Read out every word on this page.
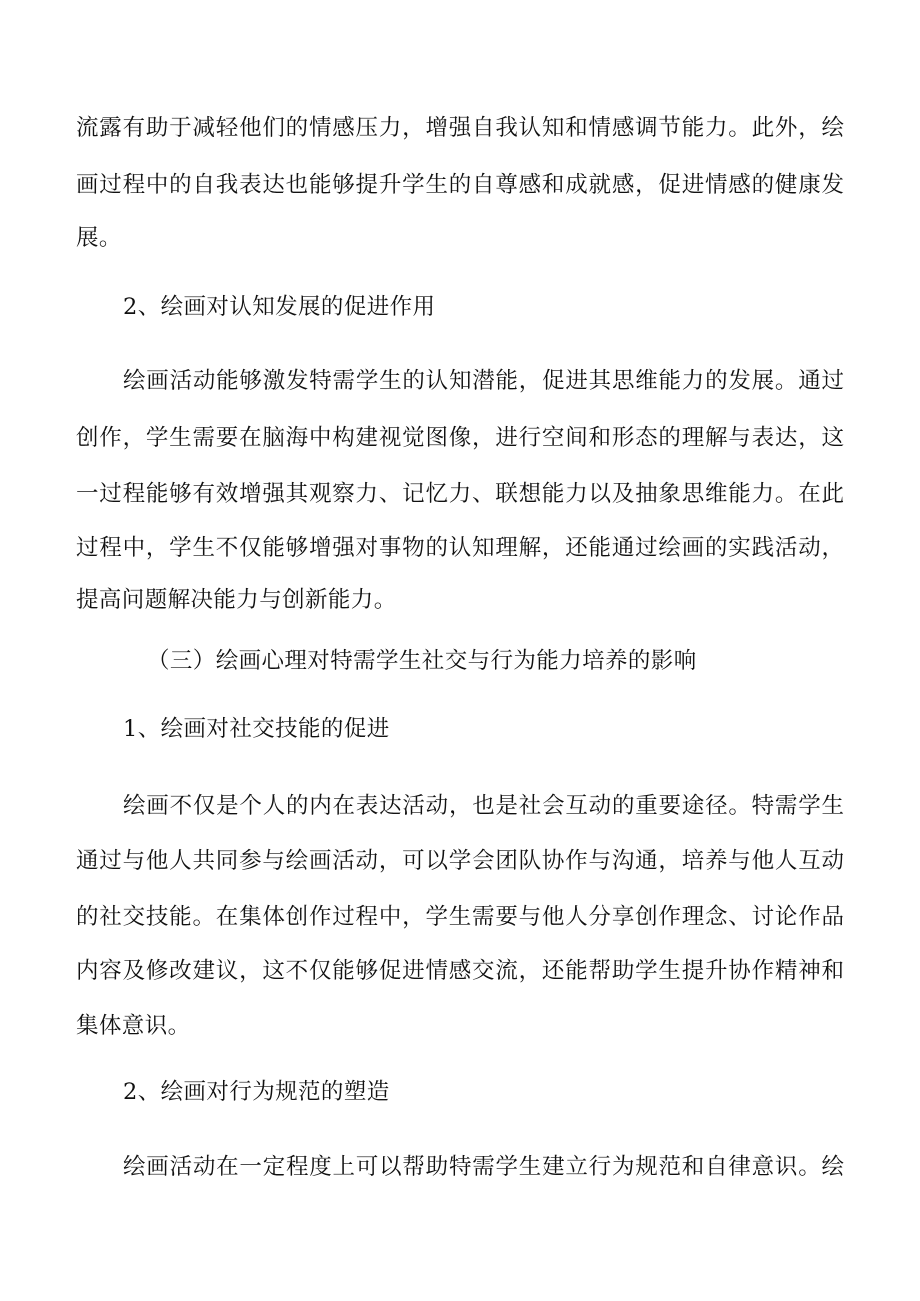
流露有助于减轻他们的情感压力，增强自我认知和情感调节能力。此外，绘
画过程中的自我表达也能够提升学生的自尊感和成就感，促进情感的健康发
展。
2、绘画对认知发展的促进作用
绘画活动能够激发特需学生的认知潜能，促进其思维能力的发展。通过
创作，学生需要在脑海中构建视觉图像，进行空间和形态的理解与表达，这
一过程能够有效增强其观察力、记忆力、联想能力以及抽象思维能力。在此
过程中，学生不仅能够增强对事物的认知理解，还能通过绘画的实践活动，
提高问题解决能力与创新能力。
（三）绘画心理对特需学生社交与行为能力培养的影响
1、绘画对社交技能的促进
绘画不仅是个人的内在表达活动，也是社会互动的重要途径。特需学生
通过与他人共同参与绘画活动，可以学会团队协作与沟通，培养与他人互动
的社交技能。在集体创作过程中，学生需要与他人分享创作理念、讨论作品
内容及修改建议，这不仅能够促进情感交流，还能帮助学生提升协作精神和
集体意识。
2、绘画对行为规范的塑造
绘画活动在一定程度上可以帮助特需学生建立行为规范和自律意识。绘
